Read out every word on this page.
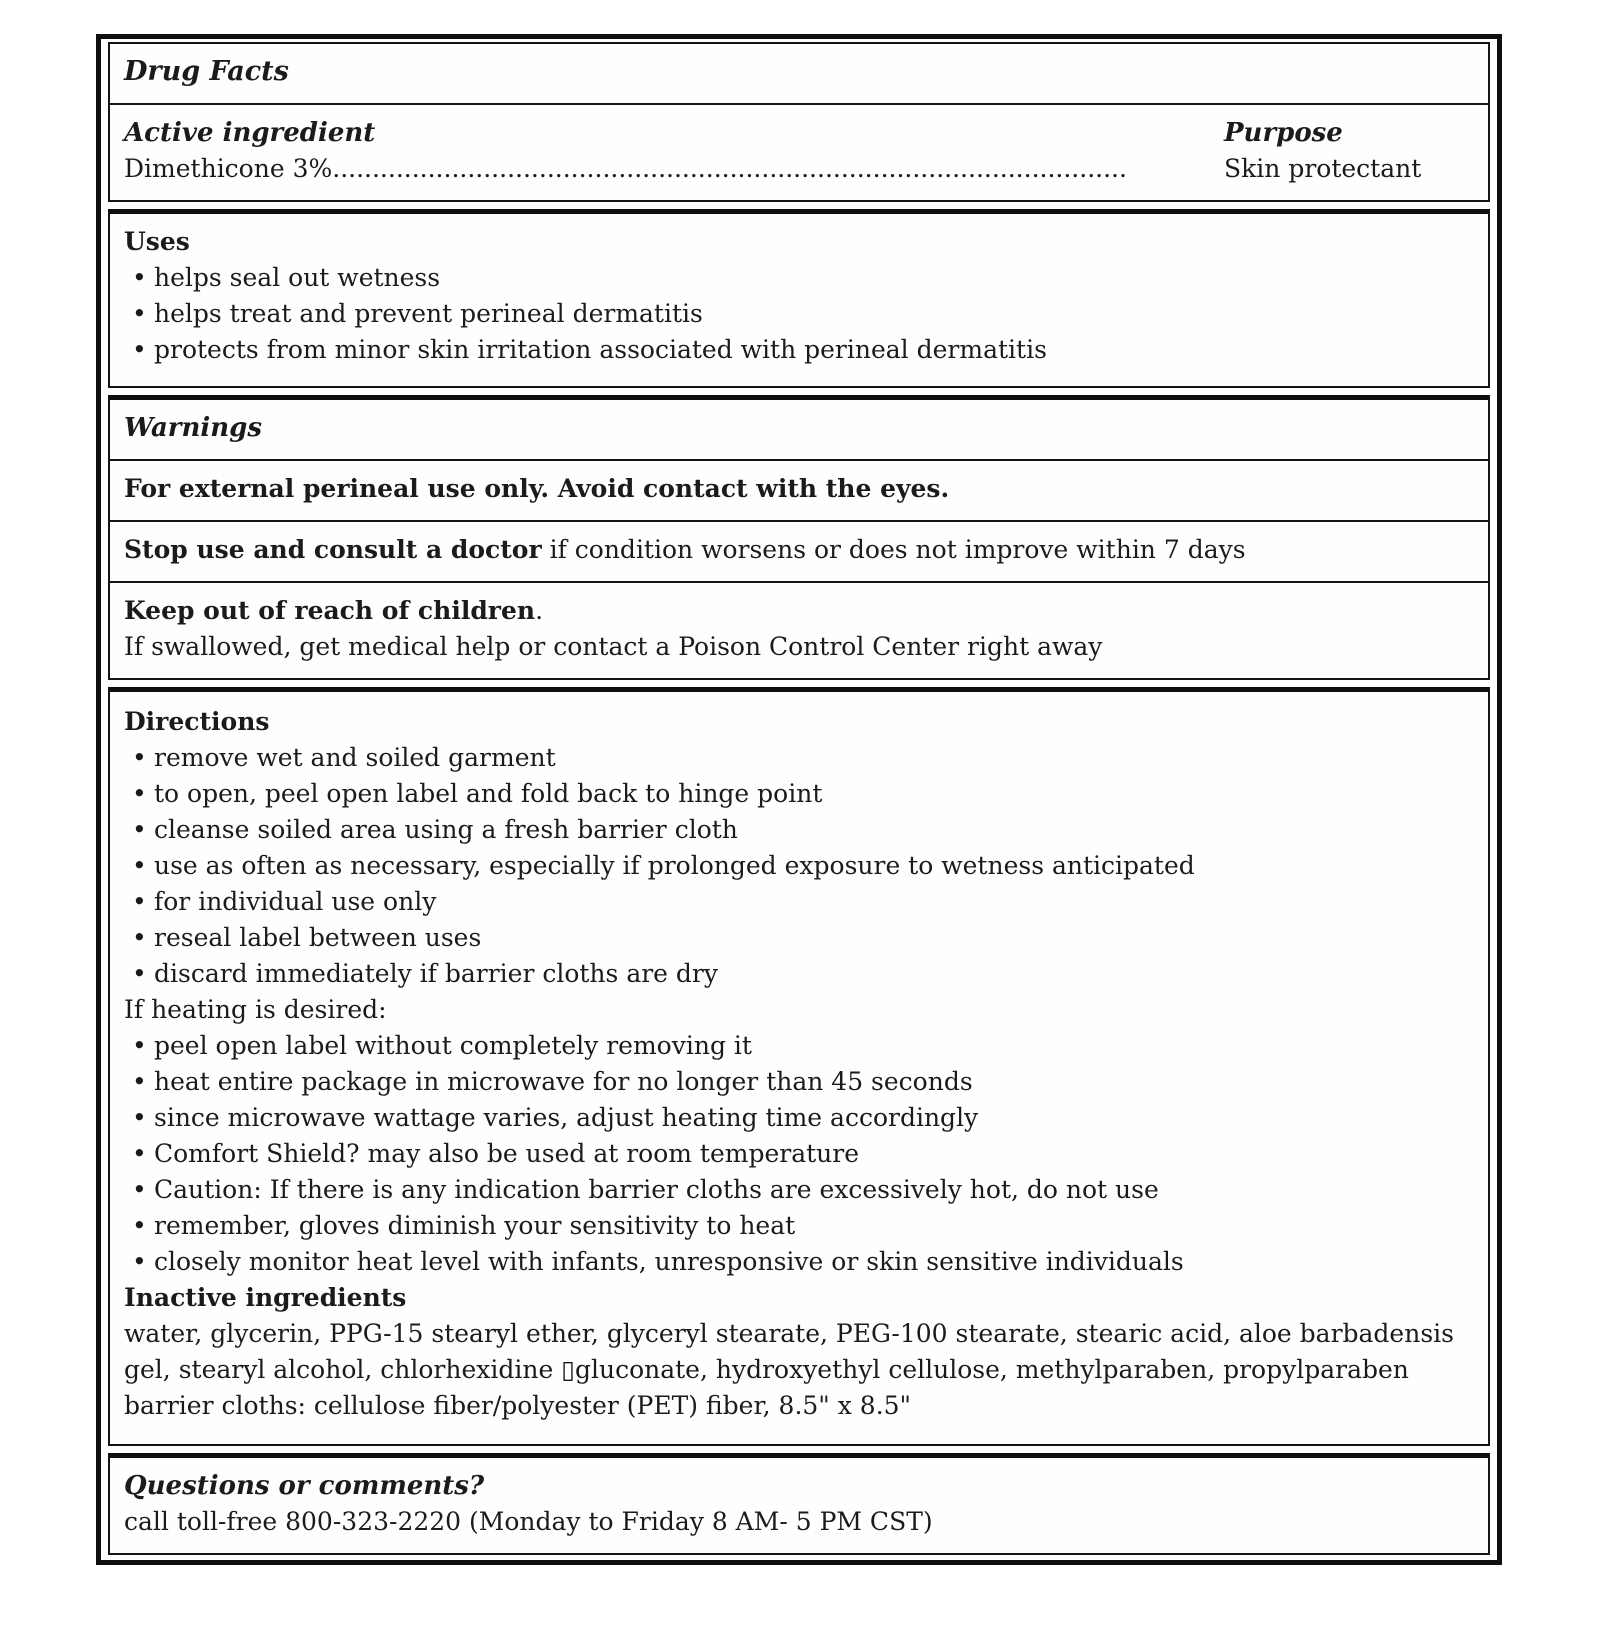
Drug Facts
Active ingredient
Dimethicone 3%....................................................................................................
Purpose
Skin protectant
Uses
• helps seal out wetness
• helps treat and prevent perineal dermatitis
• protects from minor skin irritation associated with perineal dermatitis
Warnings
For external perineal use only. Avoid contact with the eyes.
Stop use and consult a doctor if condition worsens or does not improve within 7 days
Keep out of reach of children.
If swallowed, get medical help or contact a Poison Control Center right away
Directions
• remove wet and soiled garment
• to open, peel open label and fold back to hinge point
• cleanse soiled area using a fresh barrier cloth
• use as often as necessary, especially if prolonged exposure to wetness anticipated
• for individual use only
• reseal label between uses
• discard immediately if barrier cloths are dry

If heating is desired:

• peel open label without completely removing it
• heat entire package in microwave for no longer than 45 seconds
• since microwave wattage varies, adjust heating time accordingly
• Comfort Shield? may also be used at room temperature
• Caution: If there is any indication barrier cloths are excessively hot, do not use
• remember, gloves diminish your sensitivity to heat
• closely monitor heat level with infants, unresponsive or skin sensitive individuals
Inactive ingredients

water, glycerin, PPG-15 stearyl ether, glyceryl stearate, PEG-100 stearate, stearic acid, aloe barbadensis gel, stearyl alcohol, chlorhexidine ▯gluconate, hydroxyethyl cellulose, methylparaben, propylparaben barrier cloths: cellulose fiber/polyester (PET) fiber, 8.5" x 8.5"

Questions or comments?
call toll-free 800-323-2220 (Monday to Friday 8 AM- 5 PM CST)
